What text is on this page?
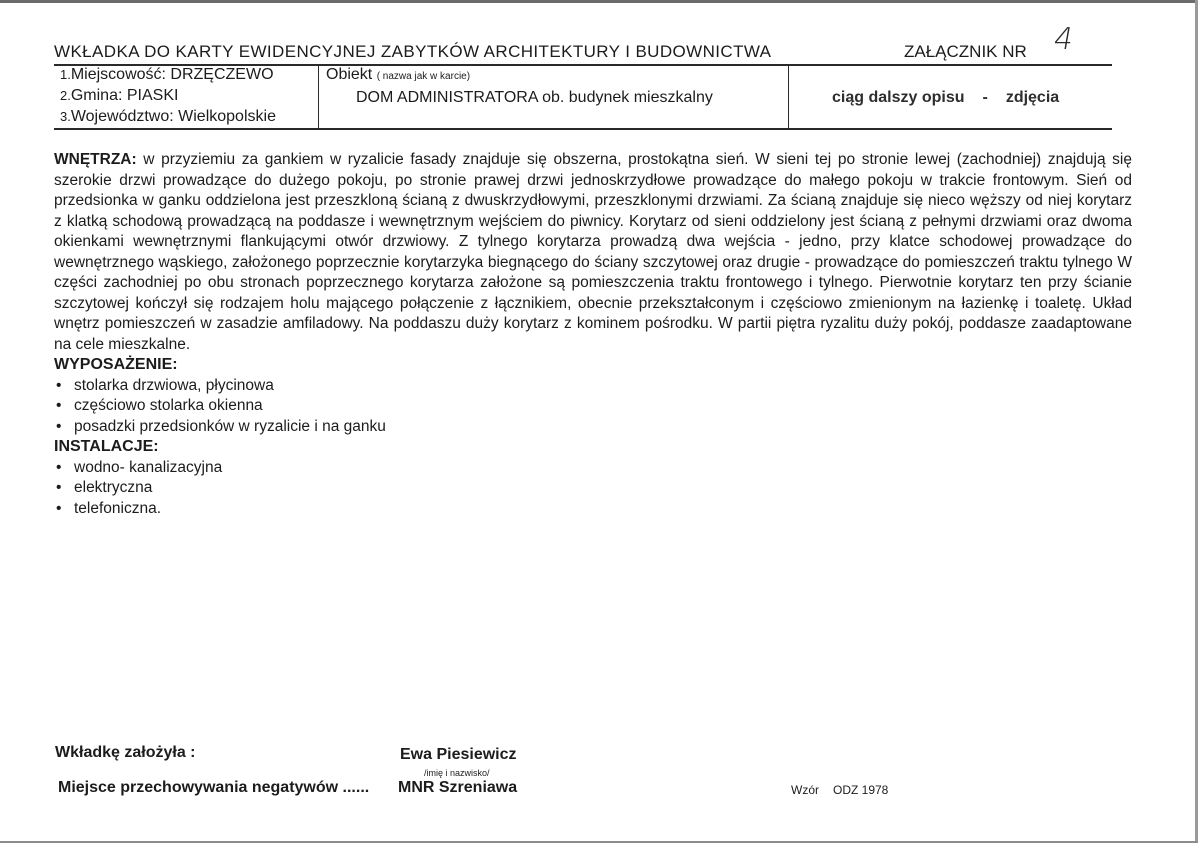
WKŁADKA DO KARTY EWIDENCYJNEJ ZABYTKÓW ARCHITEKTURY I BUDOWNICTWA	ZAŁĄCZNIK NR 4
1.Miejscowość: DRZĘCZEWO
2.Gmina: PIASKI
3.Województwo: Wielkopolskie
Obiekt ( nazwa jak w karcie)
DOM ADMINISTRATORA ob. budynek mieszkalny	ciąg dalszy opisu - zdjęcia

WNĘTRZA: w przyziemiu za gankiem w ryzalicie fasady znajduje się obszerna, prostokątna sień. W sieni tej po stronie lewej (zachodniej) znajdują się szerokie drzwi prowadzące do dużego pokoju, po stronie prawej drzwi jednoskrzydłowe prowadzące do małego pokoju w trakcie frontowym. Sień od przedsionka w ganku oddzielona jest przeszkloną ścianą z dwuskrzydłowymi, przeszklonymi drzwiami. Za ścianą znajduje się nieco węższy od niej korytarz z klatką schodową prowadzącą na poddasze i wewnętrznym wejściem do piwnicy. Korytarz od sieni oddzielony jest ścianą z pełnymi drzwiami oraz dwoma okienkami wewnętrznymi flankującymi otwór drzwiowy. Z tylnego korytarza prowadzą dwa wejścia - jedno, przy klatce schodowej prowadzące do wewnętrznego wąskiego, założonego poprzecznie korytarzyka biegnącego do ściany szczytowej oraz drugie - prowadzące do pomieszczeń traktu tylnego W części zachodniej po obu stronach poprzecznego korytarza założone są pomieszczenia traktu frontowego i tylnego. Pierwotnie korytarz ten przy ścianie szczytowej kończył się rodzajem holu mającego połączenie z łącznikiem, obecnie przekształconym i częściowo zmienionym na łazienkę i toaletę. Układ wnętrz pomieszczeń w zasadzie amfiladowy. Na poddaszu duży korytarz z kominem pośrodku. W partii piętra ryzalitu duży pokój, poddasze zaadaptowane na cele mieszkalne.

WYPOSAŻENIE:
• stolarka drzwiowa, płycinowa
• częściowo stolarka okienna
• posadzki przedsionków w ryzalicie i na ganku
INSTALACJE:
• wodno- kanalizacyjna
• elektryczna
• telefoniczna.
Wkładkę założyła :	Ewa Piesiewicz
/imię i nazwisko/
Miejsce przechowywania negatywów ...... MNR Szreniawa	Wzór ODZ 1978
